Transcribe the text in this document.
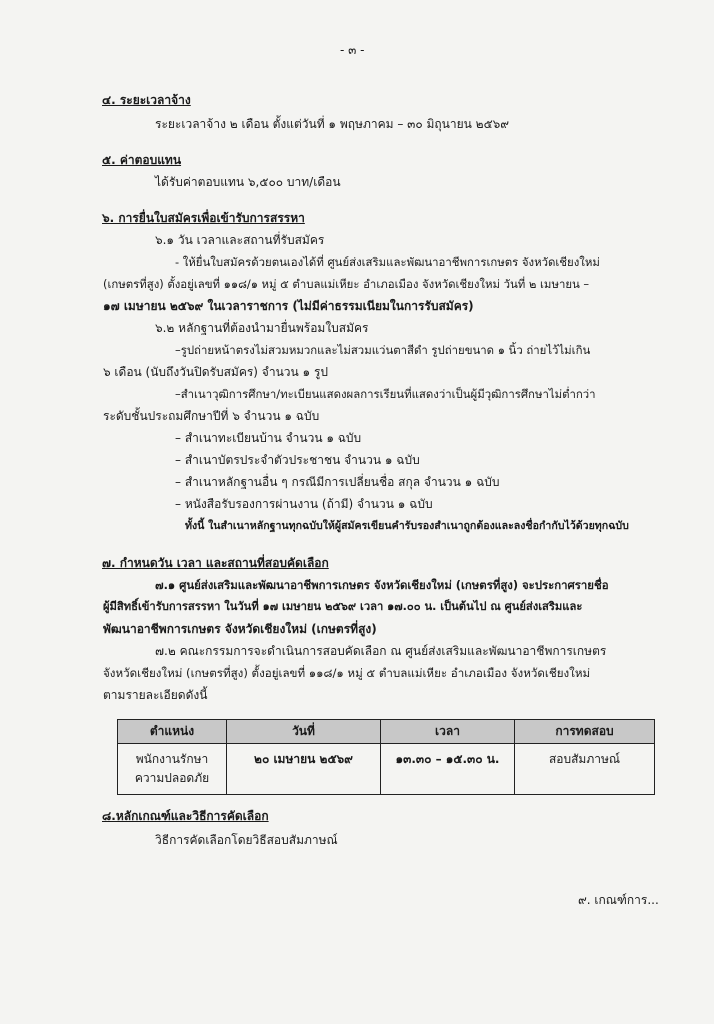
- ๓ -
๔. ระยะเวลาจ้าง
ระยะเวลาจ้าง ๒ เดือน ตั้งแต่วันที่ ๑ พฤษภาคม – ๓๐ มิถุนายน ๒๕๖๙
๕. ค่าตอบแทน
ได้รับค่าตอบแทน ๖,๕๐๐ บาท/เดือน
๖. การยื่นใบสมัครเพื่อเข้ารับการสรรหา
๖.๑ วัน เวลาและสถานที่รับสมัคร
- ให้ยื่นใบสมัครด้วยตนเองได้ที่ ศูนย์ส่งเสริมและพัฒนาอาชีพการเกษตร จังหวัดเชียงใหม่
(เกษตรที่สูง) ตั้งอยู่เลขที่ ๑๑๘/๑ หมู่ ๕ ตำบลแม่เหียะ อำเภอเมือง จังหวัดเชียงใหม่ วันที่ ๒ เมษายน –
๑๗ เมษายน ๒๕๖๙ ในเวลาราชการ (ไม่มีค่าธรรมเนียมในการรับสมัคร)
๖.๒ หลักฐานที่ต้องนำมายื่นพร้อมใบสมัคร
–รูปถ่ายหน้าตรงไม่สวมหมวกและไม่สวมแว่นตาสีดำ รูปถ่ายขนาด ๑ นิ้ว ถ่ายไว้ไม่เกิน
๖ เดือน (นับถึงวันปิดรับสมัคร) จำนวน ๑ รูป
–สำเนาวุฒิการศึกษา/ทะเบียนแสดงผลการเรียนที่แสดงว่าเป็นผู้มีวุฒิการศึกษาไม่ต่ำกว่า
ระดับชั้นประถมศึกษาปีที่ ๖ จำนวน ๑ ฉบับ
– สำเนาทะเบียนบ้าน จำนวน ๑ ฉบับ
– สำเนาบัตรประจำตัวประชาชน จำนวน ๑ ฉบับ
– สำเนาหลักฐานอื่น ๆ กรณีมีการเปลี่ยนชื่อ สกุล จำนวน ๑ ฉบับ
– หนังสือรับรองการผ่านงาน (ถ้ามี) จำนวน ๑ ฉบับ
ทั้งนี้ ในสำเนาหลักฐานทุกฉบับให้ผู้สมัครเขียนคำรับรองสำเนาถูกต้องและลงชื่อกำกับไว้ด้วยทุกฉบับ
๗. กำหนดวัน เวลา และสถานที่สอบคัดเลือก
๗.๑ ศูนย์ส่งเสริมและพัฒนาอาชีพการเกษตร จังหวัดเชียงใหม่ (เกษตรที่สูง) จะประกาศรายชื่อ
ผู้มีสิทธิ์เข้ารับการสรรหา ในวันที่ ๑๗ เมษายน ๒๕๖๙ เวลา ๑๗.๐๐ น. เป็นต้นไป ณ ศูนย์ส่งเสริมและ
พัฒนาอาชีพการเกษตร จังหวัดเชียงใหม่ (เกษตรที่สูง)
๗.๒ คณะกรรมการจะดำเนินการสอบคัดเลือก ณ ศูนย์ส่งเสริมและพัฒนาอาชีพการเกษตร
จังหวัดเชียงใหม่ (เกษตรที่สูง) ตั้งอยู่เลขที่ ๑๑๘/๑ หมู่ ๕ ตำบลแม่เหียะ อำเภอเมือง จังหวัดเชียงใหม่
ตามรายละเอียดดังนี้
ตำแหน่ง	วันที่	เวลา	การทดสอบ

พนักงานรักษา
ความปลอดภัย	๒๐ เมษายน ๒๕๖๙	๑๓.๓๐ – ๑๕.๓๐ น.	สอบสัมภาษณ์
๘.หลักเกณฑ์และวิธีการคัดเลือก
วิธีการคัดเลือกโดยวิธีสอบสัมภาษณ์
๙. เกณฑ์การ...
